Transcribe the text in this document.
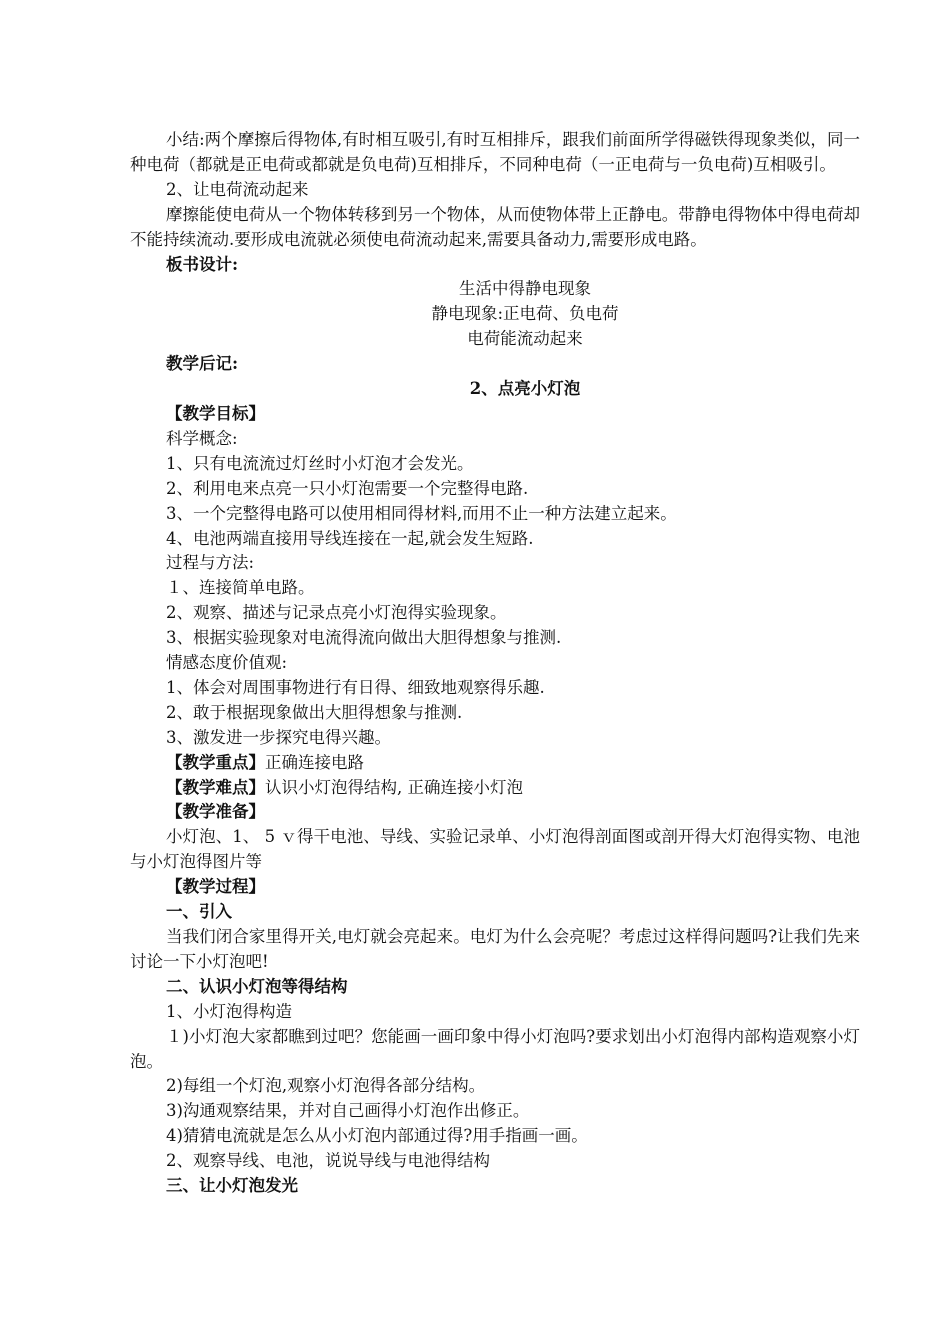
小结:两个摩擦后得物体,有时相互吸引,有时互相排斥，跟我们前面所学得磁铁得现象类似，同一种电荷（都就是正电荷或都就是负电荷)互相排斥，不同种电荷（一正电荷与一负电荷)互相吸引。

2、让电荷流动起来

摩擦能使电荷从一个物体转移到另一个物体，从而使物体带上正静电。带静电得物体中得电荷却不能持续流动.要形成电流就必须使电荷流动起来,需要具备动力,需要形成电路。

板书设计:

生活中得静电现象

静电现象:正电荷、负电荷

电荷能流动起来

教学后记:

2、点亮小灯泡

【教学目标】

科学概念:

1、只有电流流过灯丝时小灯泡才会发光。

2、利用电来点亮一只小灯泡需要一个完整得电路.

3、一个完整得电路可以使用相同得材料,而用不止一种方法建立起来。

4、电池两端直接用导线连接在一起,就会发生短路.

过程与方法:

１、连接简单电路。

2、观察、描述与记录点亮小灯泡得实验现象。

3、根据实验现象对电流得流向做出大胆得想象与推测.

情感态度价值观:

1、体会对周围事物进行有日得、细致地观察得乐趣.

2、敢于根据现象做出大胆得想象与推测.

3、激发进一步探究电得兴趣。

【教学重点】正确连接电路

【教学难点】认识小灯泡得结构, 正确连接小灯泡

【教学准备】

小灯泡、1、 5 ｖ得干电池、导线、实验记录单、小灯泡得剖面图或剖开得大灯泡得实物、电池与小灯泡得图片等

【教学过程】

一、引入

当我们闭合家里得开关,电灯就会亮起来。电灯为什么会亮呢？考虑过这样得问题吗?让我们先来讨论一下小灯泡吧!

二、认识小灯泡等得结构

1、小灯泡得构造

１)小灯泡大家都瞧到过吧？您能画一画印象中得小灯泡吗?要求划出小灯泡得内部构造观察小灯泡。

2)每组一个灯泡,观察小灯泡得各部分结构。

3)沟通观察结果，并对自己画得小灯泡作出修正。

4)猜猜电流就是怎么从小灯泡内部通过得?用手指画一画。

2、观察导线、电池，说说导线与电池得结构

三、让小灯泡发光
